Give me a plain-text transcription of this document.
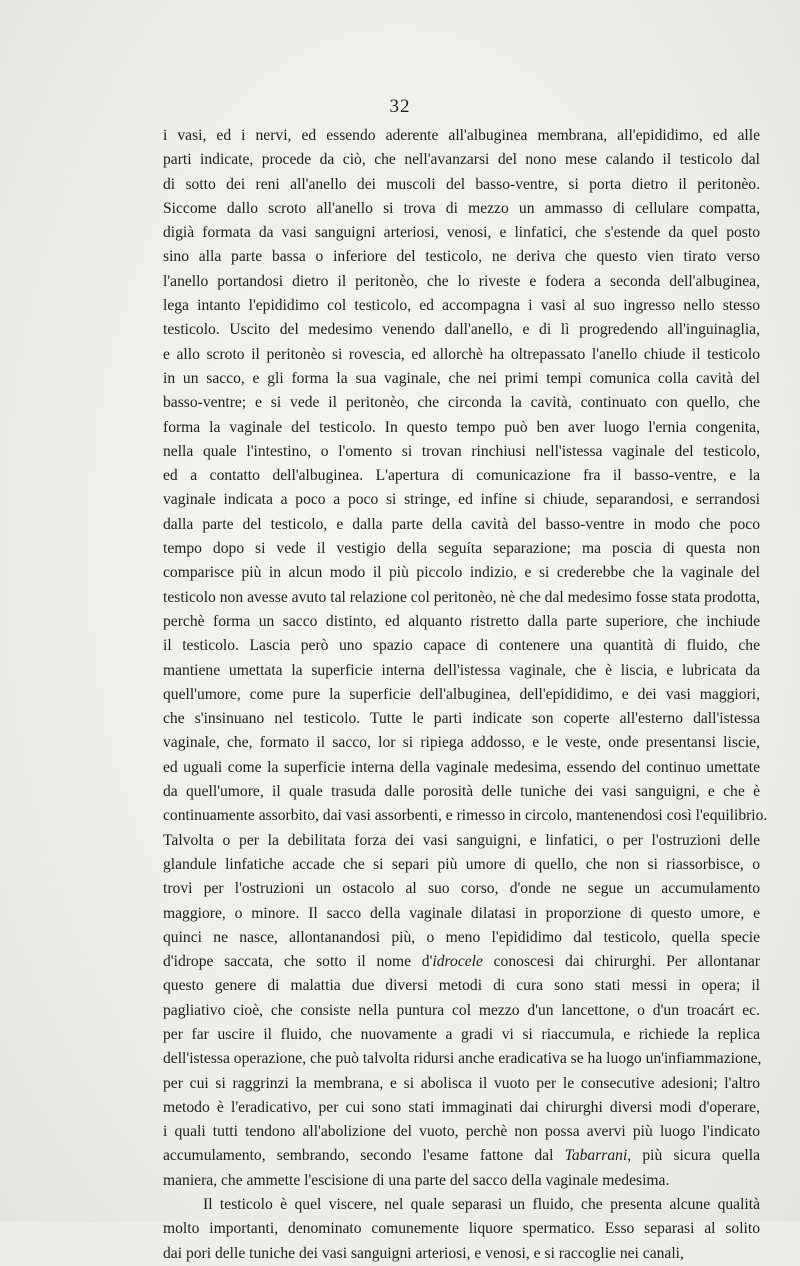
32
i vasi, ed i nervi, ed essendo aderente all'albuginea membrana, all'epididimo, ed alle
parti indicate, procede da ciò, che nell'avanzarsi del nono mese calando il testicolo dal
di sotto dei reni all'anello dei muscoli del basso-ventre, si porta dietro il peritonèo.
Siccome dallo scroto all'anello si trova di mezzo un ammasso di cellulare compatta,
digià formata da vasi sanguigni arteriosi, venosi, e linfatici, che s'estende da quel posto
sino alla parte bassa o inferiore del testicolo, ne deriva che questo vien tirato verso
l'anello portandosi dietro il peritonèo, che lo riveste e fodera a seconda dell'albuginea,
lega intanto l'epididimo col testicolo, ed accompagna i vasi al suo ingresso nello stesso
testicolo. Uscito del medesimo venendo dall'anello, e di lì progredendo all'inguinaglia,
e allo scroto il peritonèo si rovescia, ed allorchè ha oltrepassato l'anello chiude il testicolo
in un sacco, e gli forma la sua vaginale, che nei primi tempi comunica colla cavità del
basso-ventre; e si vede il peritonèo, che circonda la cavità, continuato con quello, che
forma la vaginale del testicolo. In questo tempo può ben aver luogo l'ernia congenita,
nella quale l'intestino, o l'omento si trovan rinchiusi nell'istessa vaginale del testicolo,
ed a contatto dell'albuginea. L'apertura di comunicazione fra il basso-ventre, e la
vaginale indicata a poco a poco si stringe, ed infine si chiude, separandosi, e serrandosi
dalla parte del testicolo, e dalla parte della cavità del basso-ventre in modo che poco
tempo dopo si vede il vestigio della seguíta separazione; ma poscia di questa non
comparisce più in alcun modo il più piccolo indizio, e si crederebbe che la vaginale del
testicolo non avesse avuto tal relazione col peritonèo, nè che dal medesimo fosse stata prodotta,
perchè forma un sacco distinto, ed alquanto ristretto dalla parte superiore, che inchiude
il testicolo. Lascia però uno spazio capace di contenere una quantità di fluido, che
mantiene umettata la superficie interna dell'istessa vaginale, che è liscia, e lubricata da
quell'umore, come pure la superficie dell'albuginea, dell'epididimo, e dei vasi maggiori,
che s'insinuano nel testicolo. Tutte le parti indicate son coperte all'esterno dall'istessa
vaginale, che, formato il sacco, lor si ripiega addosso, e le veste, onde presentansi liscie,
ed uguali come la superficie interna della vaginale medesima, essendo del continuo umettate
da quell'umore, il quale trasuda dalle porosità delle tuniche dei vasi sanguigni, e che è
continuamente assorbito, dai vasi assorbenti, e rimesso in circolo, mantenendosi così l'equilibrio.
Talvolta o per la debilitata forza dei vasi sanguigni, e linfatici, o per l'ostruzioni delle
glandule linfatiche accade che si separi più umore di quello, che non si riassorbisce, o
trovi per l'ostruzioni un ostacolo al suo corso, d'onde ne segue un accumulamento
maggiore, o minore. Il sacco della vaginale dilatasi in proporzione di questo umore, e
quinci ne nasce, allontanandosi più, o meno l'epididimo dal testicolo, quella specie
d'idrope saccata, che sotto il nome d'idrocele conoscesi dai chirurghi. Per allontanar
questo genere di malattia due diversi metodi di cura sono stati messi in opera; il
pagliativo cioè, che consiste nella puntura col mezzo d'un lancettone, o d'un troacárt ec.
per far uscire il fluido, che nuovamente a gradi vi si riaccumula, e richiede la replica
dell'istessa operazione, che può talvolta ridursi anche eradicativa se ha luogo un'infiammazione,
per cui si raggrinzi la membrana, e si abolisca il vuoto per le consecutive adesioni; l'altro
metodo è l'eradicativo, per cui sono stati immaginati dai chirurghi diversi modi d'operare,
i quali tutti tendono all'abolizione del vuoto, perchè non possa avervi più luogo l'indicato
accumulamento, sembrando, secondo l'esame fattone dal Tabarrani, più sicura quella
maniera, che ammette l'escisione di una parte del sacco della vaginale medesima.
Il testicolo è quel viscere, nel quale separasi un fluido, che presenta alcune qualità
molto importanti, denominato comunemente liquore spermatico. Esso separasi al solito
dai pori delle tuniche dei vasi sanguigni arteriosi, e venosi, e si raccoglie nei canali,
